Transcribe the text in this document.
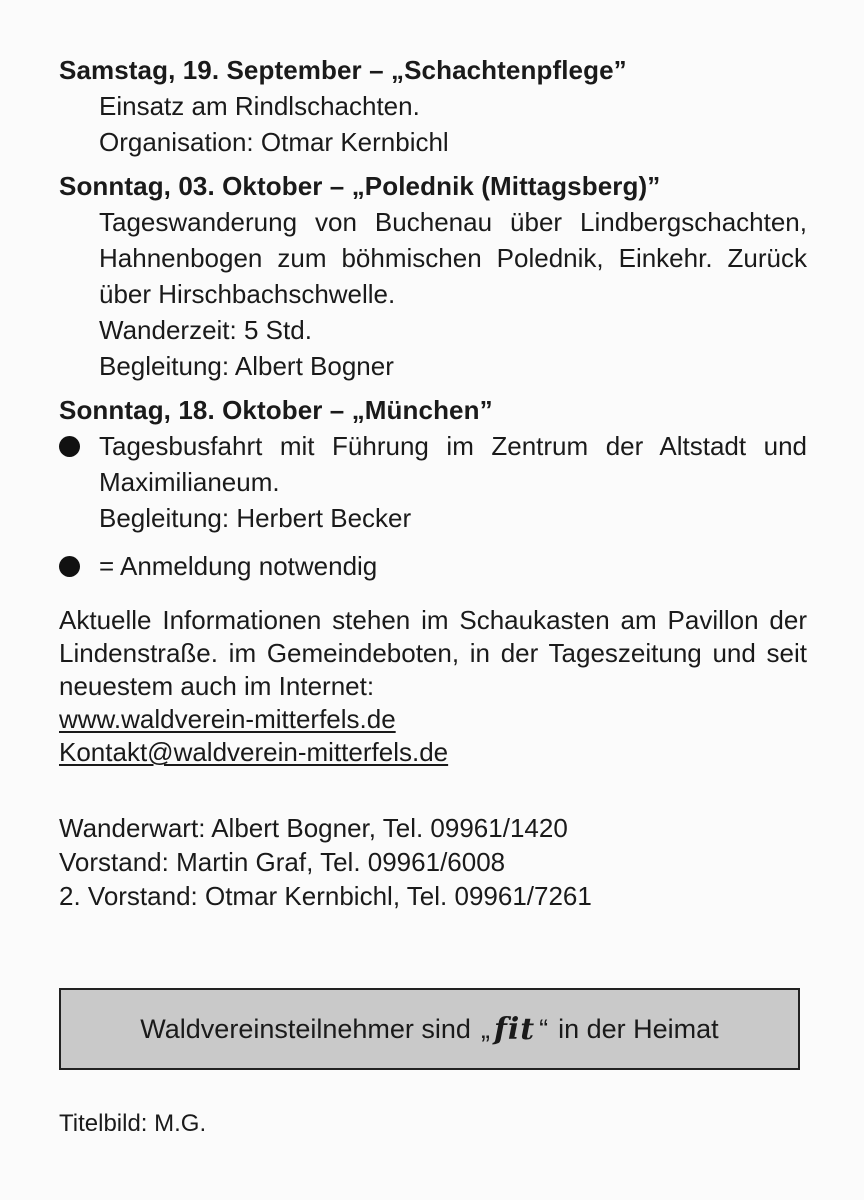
Samstag, 19. September – „Schachtenpflege”
Einsatz am Rindlschachten.
Organisation: Otmar Kernbichl
Sonntag, 03. Oktober – „Polednik (Mittagsberg)”
Tageswanderung von Buchenau über Lindbergschachten, Hahnenbogen zum böhmischen Polednik, Einkehr. Zurück über Hirschbachschwelle.
Wanderzeit: 5 Std.
Begleitung: Albert Bogner
Sonntag, 18. Oktober – „München”
Tagesbusfahrt mit Führung im Zentrum der Altstadt und Maximilianeum.
Begleitung: Herbert Becker
= Anmeldung notwendig
Aktuelle Informationen stehen im Schaukasten am Pavillon der Lindenstraße. im Gemeindeboten, in der Tageszeitung und seit neuestem auch im Internet:
www.waldverein-mitterfels.de
Kontakt@waldverein-mitterfels.de
Wanderwart: Albert Bogner, Tel. 09961/1420
Vorstand: Martin Graf, Tel. 09961/6008
2. Vorstand: Otmar Kernbichl, Tel. 09961/7261
Waldvereinsteilnehmer sind „ fit “ in der Heimat
Titelbild: M.G.
